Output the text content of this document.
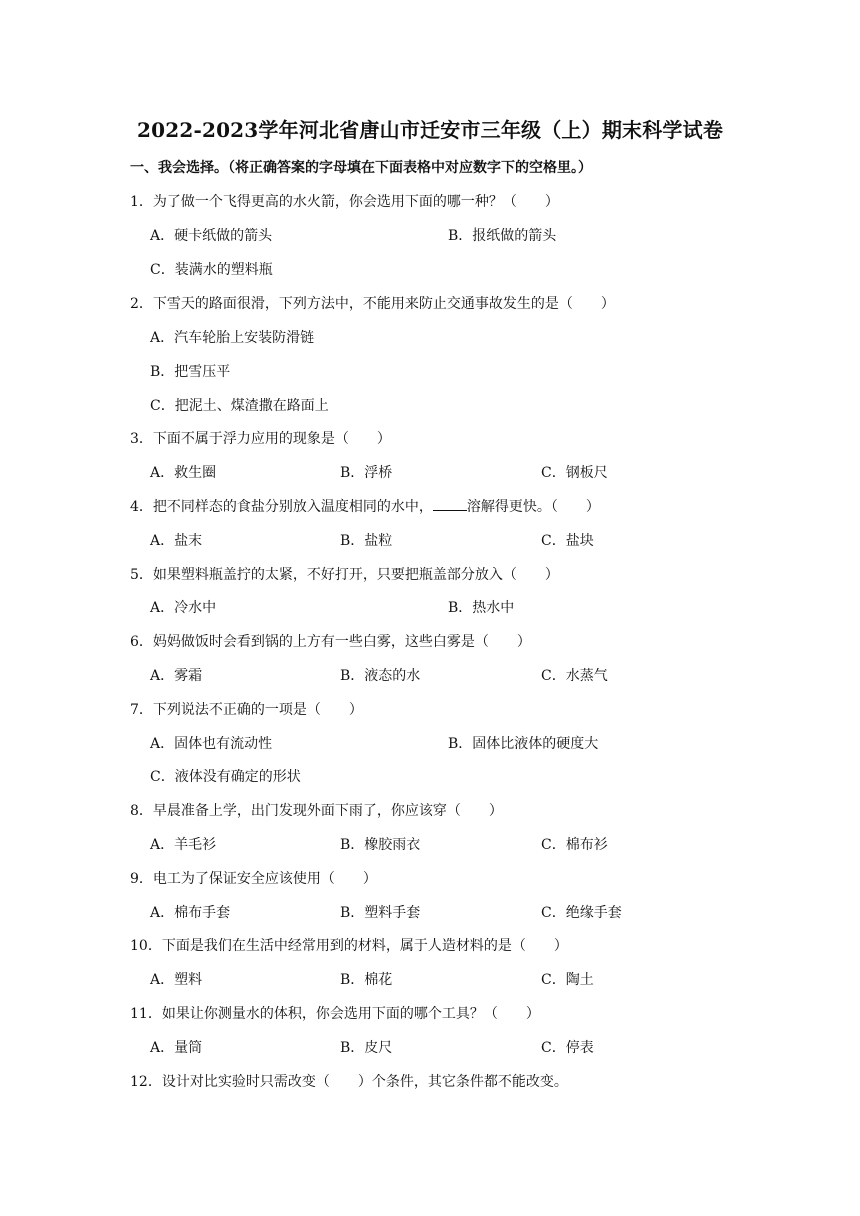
2022-2023学年河北省唐山市迁安市三年级（上）期末科学试卷
一、我会选择。（将正确答案的字母填在下面表格中对应数字下的空格里。）
1．为了做一个飞得更高的水火箭，你会选用下面的哪一种？（　　）
A．硬卡纸做的箭头	B．报纸做的箭头
C．装满水的塑料瓶
2．下雪天的路面很滑，下列方法中，不能用来防止交通事故发生的是（　　）
A．汽车轮胎上安装防滑链
B．把雪压平
C．把泥土、煤渣撒在路面上
3．下面不属于浮力应用的现象是（　　）
A．救生圈	B．浮桥	C．钢板尺
4．把不同样态的食盐分别放入温度相同的水中， 溶解得更快。（　　）
A．盐末	B．盐粒	C．盐块
5．如果塑料瓶盖拧的太紧，不好打开，只要把瓶盖部分放入（　　）
A．冷水中	B．热水中
6．妈妈做饭时会看到锅的上方有一些白雾，这些白雾是（　　）
A．雾霜	B．液态的水	C．水蒸气
7．下列说法不正确的一项是（　　）
A．固体也有流动性	B．固体比液体的硬度大
C．液体没有确定的形状
8．早晨准备上学，出门发现外面下雨了，你应该穿（　　）
A．羊毛衫	B．橡胶雨衣	C．棉布衫
9．电工为了保证安全应该使用（　　）
A．棉布手套	B．塑料手套	C．绝缘手套
10．下面是我们在生活中经常用到的材料，属于人造材料的是（　　）
A．塑料	B．棉花	C．陶土
11．如果让你测量水的体积，你会选用下面的哪个工具？（　　）
A．量筒	B．皮尺	C．停表
12．设计对比实验时只需改变（　　）个条件，其它条件都不能改变。
